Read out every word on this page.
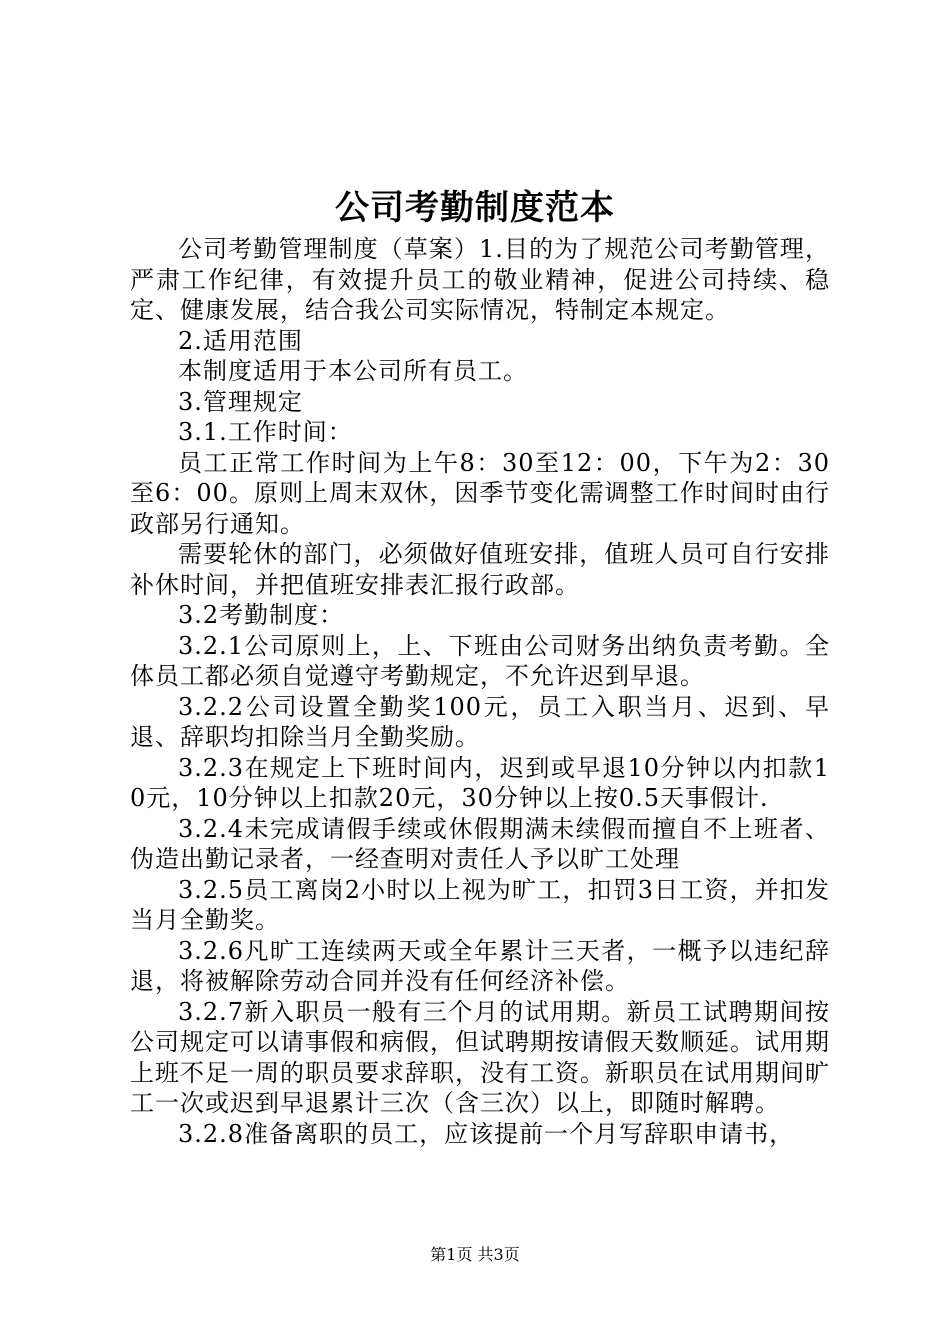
公司考勤制度范本

公司考勤管理制度（草案）1.目的为了规范公司考勤管理，严肃工作纪律，有效提升员工的敬业精神，促进公司持续、稳定、健康发展，结合我公司实际情况，特制定本规定。

2.适用范围

本制度适用于本公司所有员工。

3.管理规定

3.1.工作时间：

员工正常工作时间为上午8：30至12：00，下午为2：30至6：00。原则上周末双休，因季节变化需调整工作时间时由行政部另行通知。

需要轮休的部门，必须做好值班安排，值班人员可自行安排补休时间，并把值班安排表汇报行政部。

3.2考勤制度：

3.2.1公司原则上，上、下班由公司财务出纳负责考勤。全体员工都必须自觉遵守考勤规定，不允许迟到早退。

3.2.2公司设置全勤奖100元，员工入职当月、迟到、早退、辞职均扣除当月全勤奖励。

3.2.3在规定上下班时间内，迟到或早退10分钟以内扣款10元，10分钟以上扣款20元，30分钟以上按0.5天事假计.

3.2.4未完成请假手续或休假期满未续假而擅自不上班者、伪造出勤记录者，一经查明对责任人予以旷工处理

3.2.5员工离岗2小时以上视为旷工，扣罚3日工资，并扣发当月全勤奖。

3.2.6凡旷工连续两天或全年累计三天者，一概予以违纪辞退，将被解除劳动合同并没有任何经济补偿。

3.2.7新入职员一般有三个月的试用期。新员工试聘期间按公司规定可以请事假和病假，但试聘期按请假天数顺延。试用期上班不足一周的职员要求辞职，没有工资。新职员在试用期间旷工一次或迟到早退累计三次（含三次）以上，即随时解聘。

3.2.8准备离职的员工，应该提前一个月写辞职申请书，

第1页 共3页
